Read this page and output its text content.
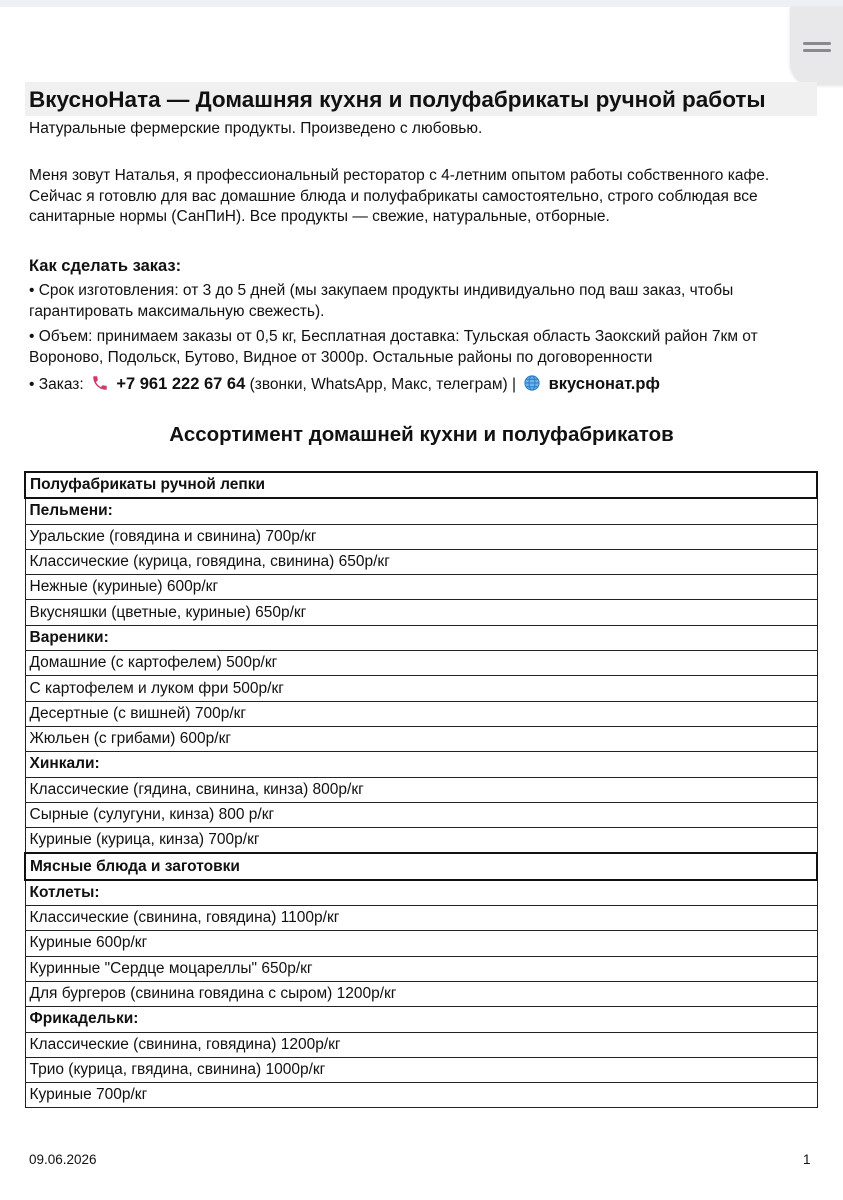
ВкусноНата — Домашняя кухня и полуфабрикаты ручной работы
Натуральные фермерские продукты. Произведено с любовью.
Меня зовут Наталья, я профессиональный ресторатор с 4-летним опытом работы собственного кафе. Сейчас я готовлю для вас домашние блюда и полуфабрикаты самостоятельно, строго соблюдая все санитарные нормы (СанПиН). Все продукты — свежие, натуральные, отборные.
Как сделать заказ:
• Срок изготовления: от 3 до 5 дней (мы закупаем продукты индивидуально под ваш заказ, чтобы гарантировать максимальную свежесть).
• Объем: принимаем заказы от 0,5 кг, Бесплатная доставка: Тульская область Заокский район 7км от Вороново, Подольск, Бутово, Видное от 3000р. Остальные районы по договоренности
• Заказ: +7 961 222 67 64 (звонки, WhatsApp, Макс, телеграм) | вкуснонат.рф
Ассортимент домашней кухни и полуфабрикатов
Полуфабрикаты ручной лепки
Пельмени:
Уральские (говядина и свинина) 700р/кг
Классические (курица, говядина, свинина) 650р/кг
Нежные (куриные) 600р/кг
Вкусняшки (цветные, куриные) 650р/кг
Вареники:
Домашние (с картофелем) 500р/кг
С картофелем и луком фри 500р/кг
Десертные (с вишней) 700р/кг
Жюльен (с грибами) 600р/кг
Хинкали:
Классические (гядина, свинина, кинза) 800р/кг
Сырные (сулугуни, кинза) 800 р/кг
Куриные (курица, кинза) 700р/кг
Мясные блюда и заготовки
Котлеты:
Классические (свинина, говядина) 1100р/кг
Куриные 600р/кг
Куринные "Сердце моцареллы" 650р/кг
Для бургеров (свинина говядина с сыром) 1200р/кг
Фрикадельки:
Классические (свинина, говядина) 1200р/кг
Трио (курица, гвядина, свинина) 1000р/кг
Куриные 700р/кг
09.06.2026	1
